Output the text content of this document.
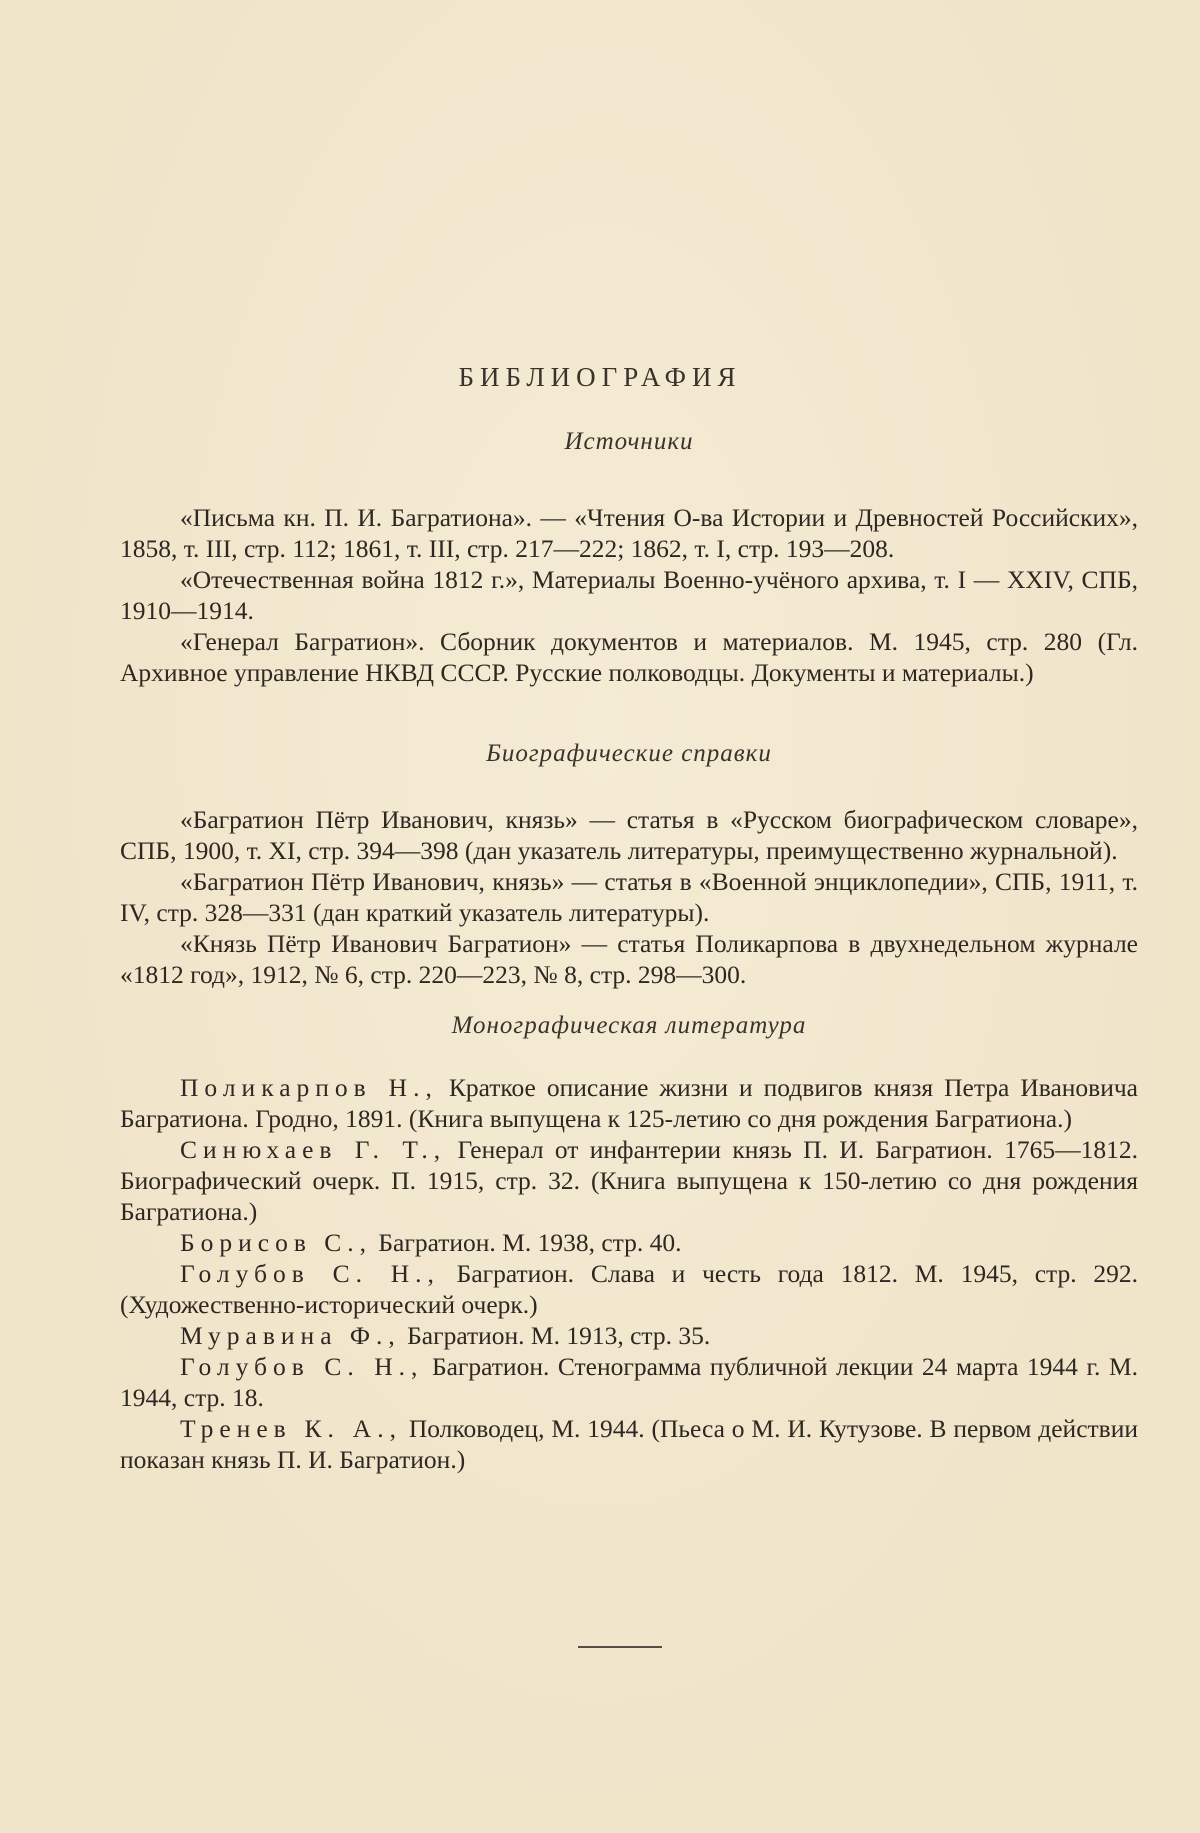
БИБЛИОГРАФИЯ

Источники

«Письма кн. П. И. Багратиона». — «Чтения О-ва Истории и Древностей Российских», 1858, т. III, стр. 112; 1861, т. III, стр. 217—222; 1862, т. I, стр. 193—208.

«Отечественная война 1812 г.», Материалы Военно-учёного архива, т. I — XXIV, СПБ, 1910—1914.

«Генерал Багратион». Сборник документов и материалов. М. 1945, стр. 280 (Гл. Архивное управление НКВД СССР. Русские полководцы. Документы и материалы.)

Биографические справки

«Багратион Пётр Иванович, князь» — статья в «Русском биографическом словаре», СПБ, 1900, т. XI, стр. 394—398 (дан указатель литературы, преимущественно журнальной).

«Багратион Пётр Иванович, князь» — статья в «Военной энциклопедии», СПБ, 1911, т. IV, стр. 328—331 (дан краткий указатель литературы).

«Князь Пётр Иванович Багратион» — статья Поликарпова в двухнедельном журнале «1812 год», 1912, № 6, стр. 220—223, № 8, стр. 298—300.

Монографическая литература

Поликарпов Н., Краткое описание жизни и подвигов князя Петра Ивановича Багратиона. Гродно, 1891. (Книга выпущена к 125-летию со дня рождения Багратиона.)

Синюхаев Г. Т., Генерал от инфантерии князь П. И. Багратион. 1765—1812. Биографический очерк. П. 1915, стр. 32. (Книга выпущена к 150-летию со дня рождения Багратиона.)

Борисов С., Багратион. М. 1938, стр. 40.

Голубов С. Н., Багратион. Слава и честь года 1812. М. 1945, стр. 292. (Художественно-исторический очерк.)

Муравина Ф., Багратион. М. 1913, стр. 35.

Голубов С. Н., Багратион. Стенограмма публичной лекции 24 марта 1944 г. М. 1944, стр. 18.

Тренев К. А., Полководец, М. 1944. (Пьеса о М. И. Кутузове. В первом действии показан князь П. И. Багратион.)
